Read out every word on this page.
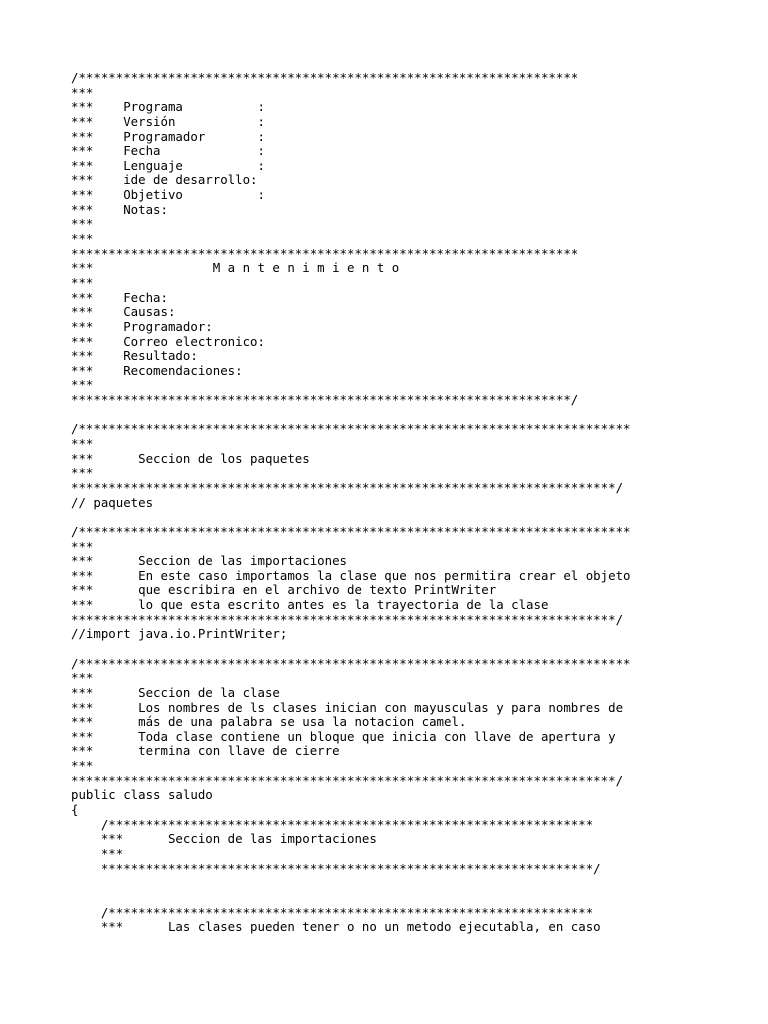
/*******************************************************************
***
***    Programa          :
***    Versión           :
***    Programador       :
***    Fecha             :
***    Lenguaje          :
***    ide de desarrollo:
***    Objetivo          :
***    Notas:
***
***
********************************************************************
***                M a n t e n i m i e n t o
***
***    Fecha:
***    Causas:
***    Programador:
***    Correo electronico:
***    Resultado:
***    Recomendaciones:
***
*******************************************************************/
/**************************************************************************
***
***      Seccion de los paquetes
***
*************************************************************************/
// paquetes
/**************************************************************************
***
***      Seccion de las importaciones
***      En este caso importamos la clase que nos permitira crear el objeto
***      que escribira en el archivo de texto PrintWriter
***      lo que esta escrito antes es la trayectoria de la clase
*************************************************************************/
//import java.io.PrintWriter;
/**************************************************************************
***
***      Seccion de la clase
***      Los nombres de ls clases inician con mayusculas y para nombres de
***      más de una palabra se usa la notacion camel.
***      Toda clase contiene un bloque que inicia con llave de apertura y
***      termina con llave de cierre
***
*************************************************************************/
public class saludo
{
/*****************************************************************
***      Seccion de las importaciones
***
******************************************************************/
/*****************************************************************
***      Las clases pueden tener o no un metodo ejecutabla, en caso
